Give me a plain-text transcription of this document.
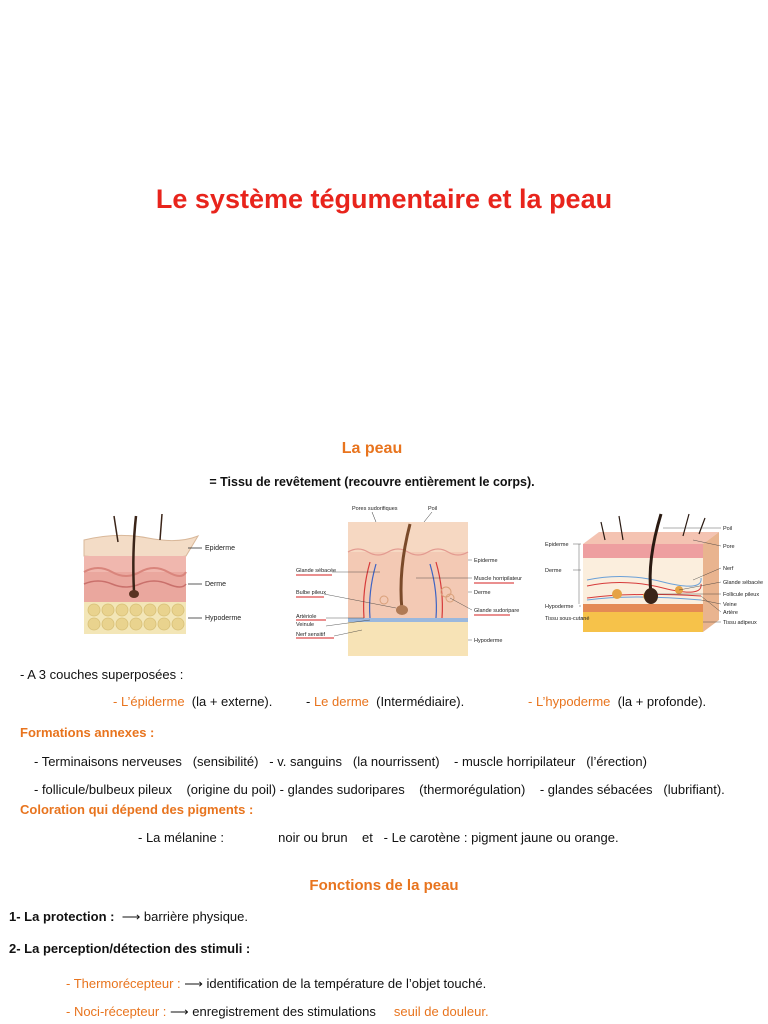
Le système tégumentaire et la peau
La peau
= Tissu de revêtement (recouvre entièrement le corps).
Epiderme
Derme
Hypoderme
Pores sudorifiques	Poil
Glande sébacée
Bulbe pileux
Artériole
Veinule
Nerf sensitif
Epiderme
Muscle horripilateur
Derme
Glande sudoripare
Hypoderme
Epiderme
Derme
Hypoderme
Tissu sous-cutané
Poil
Pore
Nerf
Glande sébacée
Follicule pileux
Veine
Artère
Tissu adipeux
- A 3 couches superposées :
- L’épiderme (la + externe).	- Le derme (Intermédiaire).	- L’hypoderme (la + profonde).
Formations annexes :
- Terminaisons nerveuses   (sensibilité)   - v. sanguins   (la nourrissent)    - muscle horripilateur   (l’érection)
- follicule/bulbeux pileux    (origine du poil) - glandes sudoripares    (thermorégulation)    - glandes sébacées   (lubrifiant).
Coloration qui dépend des pigments :
- La mélanine :               noir ou brun    et   - Le carotène : pigment jaune ou orange.
Fonctions de la peau
1- La protection : ⟶ barrière physique.
2- La perception/détection des stimuli :
- Thermorécepteur : ⟶ identification de la température de l’objet touché.
- Noci-récepteur : ⟶ enregistrement des stimulations seuil de douleur.
